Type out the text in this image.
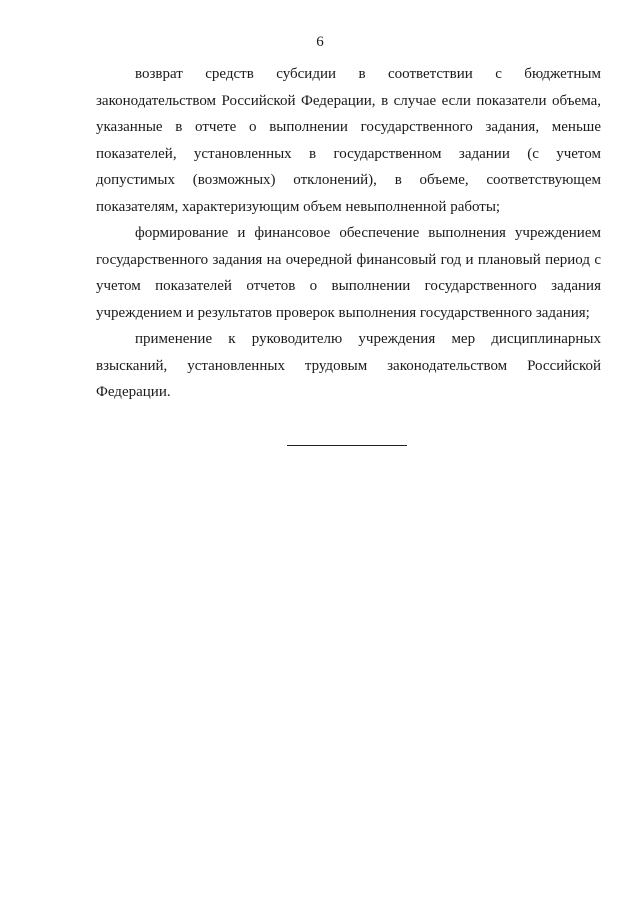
6

возврат средств субсидии в соответствии с бюджетным законодательством Российской Федерации, в случае если показатели объема, указанные в отчете о выполнении государственного задания, меньше показателей, установленных в государственном задании (с учетом допустимых (возможных) отклонений), в объеме, соответствующем показателям, характеризующим объем невыполненной работы;

формирование и финансовое обеспечение выполнения учреждением государственного задания на очередной финансовый год и плановый период с учетом показателей отчетов о выполнении государственного задания учреждением и результатов проверок выполнения государственного задания;

применение к руководителю учреждения мер дисциплинарных взысканий, установленных трудовым законодательством Российской Федерации.
